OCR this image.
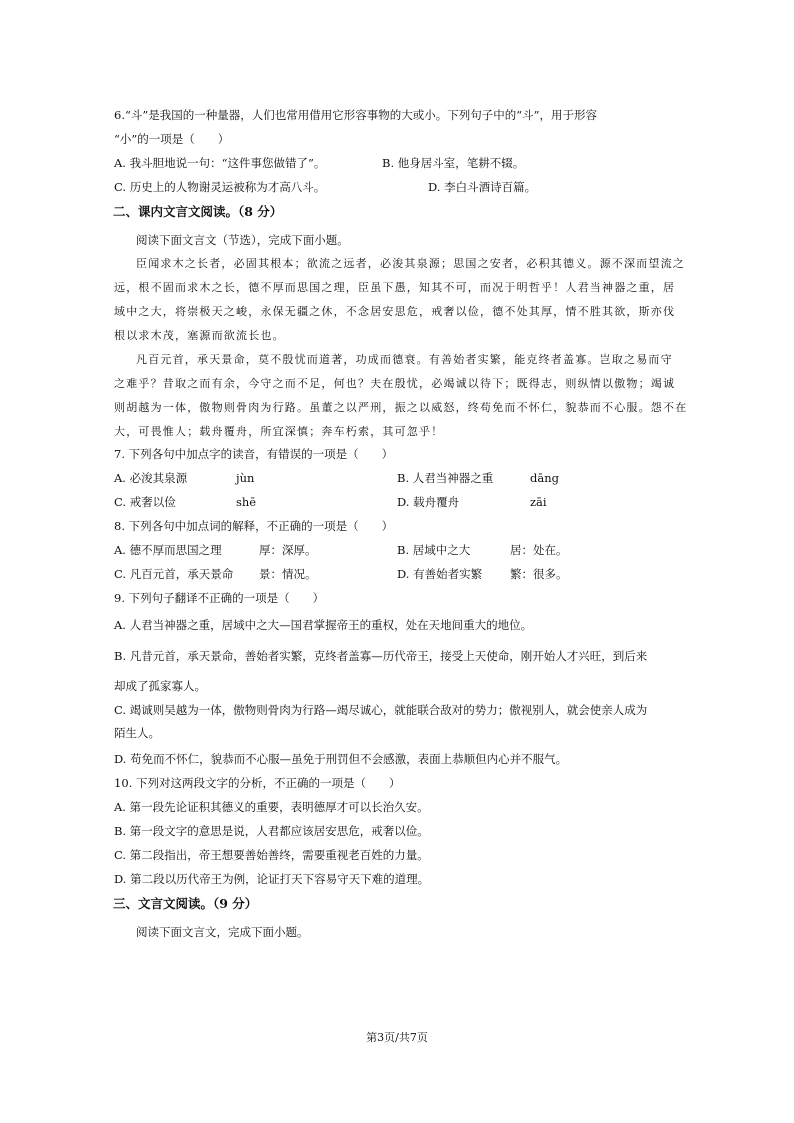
6.“斗”是我国的一种量器，人们也常用借用它形容事物的大或小。下列句子中的“斗”，用于形容
“小”的一项是（　　）
A. 我斗胆地说一句：“这件事您做错了”。	B. 他身居斗室，笔耕不辍。
C. 历史上的人物谢灵运被称为才高八斗。	D. 李白斗酒诗百篇。
二、课内文言文阅读。（8 分）
阅读下面文言文（节选），完成下面小题。
臣闻求木之长者，必固其根本；欲流之远者，必浚其泉源；思国之安者，必积其德义。源不深而望流之
远，根不固而求木之长，德不厚而思国之理，臣虽下愚，知其不可，而况于明哲乎！人君当神器之重，居
域中之大，将崇极天之峻，永保无疆之休，不念居安思危，戒奢以俭，德不处其厚，情不胜其欲，斯亦伐
根以求木茂，塞源而欲流长也。
凡百元首，承天景命，莫不殷忧而道著，功成而德衰。有善始者实繁，能克终者盖寡。岂取之易而守
之难乎？昔取之而有余，今守之而不足，何也？夫在殷忧，必竭诚以待下；既得志，则纵情以傲物；竭诚
则胡越为一体，傲物则骨肉为行路。虽董之以严刑，振之以威怒，终苟免而不怀仁，貌恭而不心服。怨不在
大，可畏惟人；载舟覆舟，所宜深慎；奔车朽索，其可忽乎！
7. 下列各句中加点字的读音，有错误的一项是（　　）
A. 必浚其泉源	jùn	B. 人君当神器之重	dāng
C. 戒奢以俭	shē	D. 载舟覆舟	zāi
8. 下列各句中加点词的解释，不正确的一项是（　　）
A. 德不厚而思国之理	厚：深厚。	B. 居域中之大	居：处在。
C. 凡百元首，承天景命 景：情况。	D. 有善始者实繁 繁：很多。
9. 下列句子翻译不正确的一项是（　　）
A. 人君当神器之重，居域中之大—国君掌握帝王的重权，处在天地间重大的地位。
B. 凡昔元首，承天景命，善始者实繁，克终者盖寡—历代帝王，接受上天使命，刚开始人才兴旺，到后来
却成了孤家寡人。
C. 竭诚则吴越为一体，傲物则骨肉为行路—竭尽诚心，就能联合敌对的势力；傲视别人，就会使亲人成为
陌生人。
D. 苟免而不怀仁，貌恭而不心服—虽免于刑罚但不会感激，表面上恭顺但内心并不服气。
10. 下列对这两段文字的分析，不正确的一项是（　　）
A. 第一段先论证积其德义的重要，表明德厚才可以长治久安。
B. 第一段文字的意思是说，人君都应该居安思危，戒奢以俭。
C. 第二段指出，帝王想要善始善终，需要重视老百姓的力量。
D. 第二段以历代帝王为例，论证打天下容易守天下难的道理。
三、文言文阅读。（9 分）
阅读下面文言文，完成下面小题。
第3页/共7页
